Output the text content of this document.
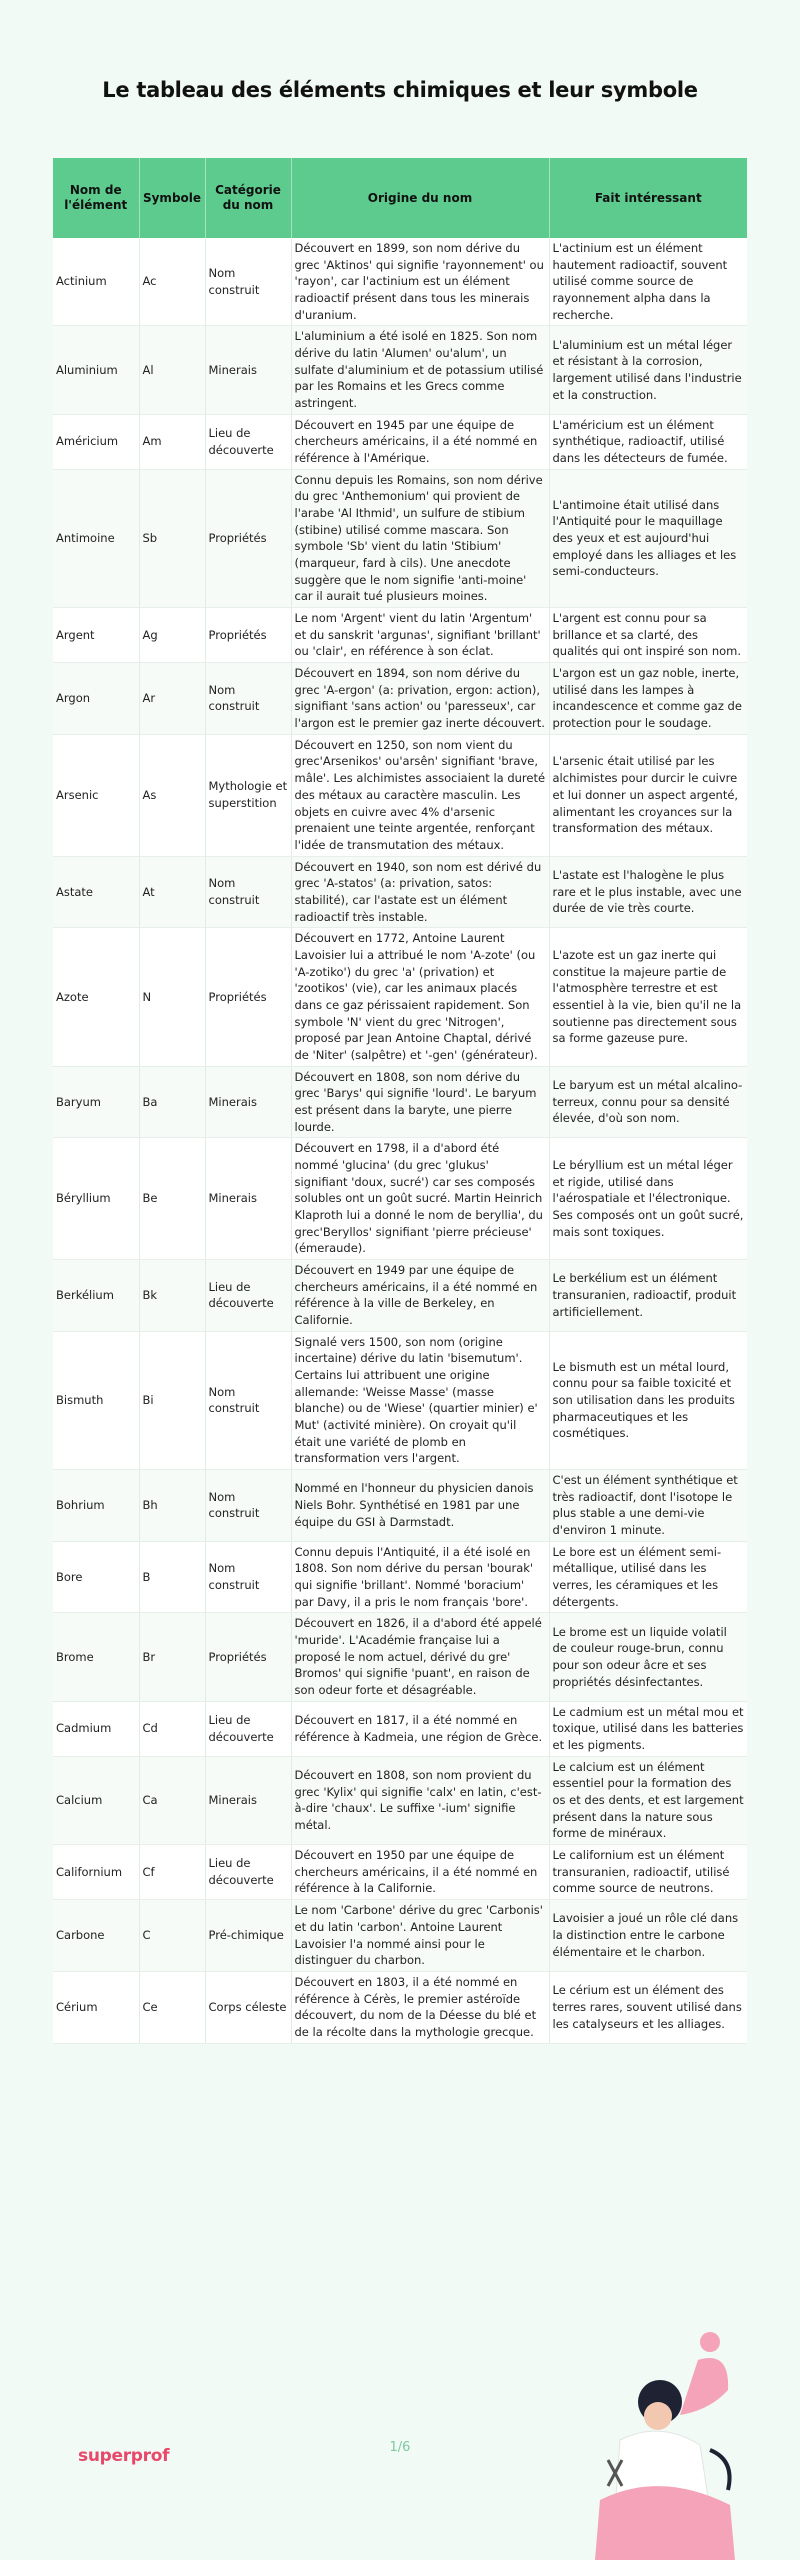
Le tableau des éléments chimiques et leur symbole
Nom de l'élément	Symbole	Catégorie du nom	Origine du nom	Fait intéressant
Actinium	Ac	Nom construit	Découvert en 1899, son nom dérive du grec 'Aktinos' qui signifie 'rayonnement' ou 'rayon', car l'actinium est un élément radioactif présent dans tous les minerais d'uranium.	L'actinium est un élément hautement radioactif, souvent utilisé comme source de rayonnement alpha dans la recherche.
Aluminium	Al	Minerais	L'aluminium a été isolé en 1825. Son nom dérive du latin 'Alumen' ou'alum', un sulfate d'aluminium et de potassium utilisé par les Romains et les Grecs comme astringent.	L'aluminium est un métal léger et résistant à la corrosion, largement utilisé dans l'industrie et la construction.
Américium	Am	Lieu de découverte	Découvert en 1945 par une équipe de chercheurs américains, il a été nommé en référence à l'Amérique.	L'américium est un élément synthétique, radioactif, utilisé dans les détecteurs de fumée.
Antimoine	Sb	Propriétés	Connu depuis les Romains, son nom dérive du grec 'Anthemonium' qui provient de l'arabe 'Al Ithmid', un sulfure de stibium (stibine) utilisé comme mascara. Son symbole 'Sb' vient du latin 'Stibium' (marqueur, fard à cils). Une anecdote suggère que le nom signifie 'anti-moine' car il aurait tué plusieurs moines.	L'antimoine était utilisé dans l'Antiquité pour le maquillage des yeux et est aujourd'hui employé dans les alliages et les semi-conducteurs.
Argent	Ag	Propriétés	Le nom 'Argent' vient du latin 'Argentum' et du sanskrit 'argunas', signifiant 'brillant' ou 'clair', en référence à son éclat.	L'argent est connu pour sa brillance et sa clarté, des qualités qui ont inspiré son nom.
Argon	Ar	Nom construit	Découvert en 1894, son nom dérive du grec 'A-ergon' (a: privation, ergon: action), signifiant 'sans action' ou 'paresseux', car l'argon est le premier gaz inerte découvert.	L'argon est un gaz noble, inerte, utilisé dans les lampes à incandescence et comme gaz de protection pour le soudage.
Arsenic	As	Mythologie et superstition	Découvert en 1250, son nom vient du grec'Arsenikos' ou'arsên' signifiant 'brave, mâle'. Les alchimistes associaient la dureté des métaux au caractère masculin. Les objets en cuivre avec 4% d'arsenic prenaient une teinte argentée, renforçant l'idée de transmutation des métaux.	L'arsenic était utilisé par les alchimistes pour durcir le cuivre et lui donner un aspect argenté, alimentant les croyances sur la transformation des métaux.
Astate	At	Nom construit	Découvert en 1940, son nom est dérivé du grec 'A-statos' (a: privation, satos: stabilité), car l'astate est un élément radioactif très instable.	L'astate est l'halogène le plus rare et le plus instable, avec une durée de vie très courte.
Azote	N	Propriétés	Découvert en 1772, Antoine Laurent Lavoisier lui a attribué le nom 'A-zote' (ou 'A-zotiko') du grec 'a' (privation) et 'zootikos' (vie), car les animaux placés dans ce gaz périssaient rapidement. Son symbole 'N' vient du grec 'Nitrogen', proposé par Jean Antoine Chaptal, dérivé de 'Niter' (salpêtre) et '-gen' (générateur).	L'azote est un gaz inerte qui constitue la majeure partie de l'atmosphère terrestre et est essentiel à la vie, bien qu'il ne la soutienne pas directement sous sa forme gazeuse pure.
Baryum	Ba	Minerais	Découvert en 1808, son nom dérive du grec 'Barys' qui signifie 'lourd'. Le baryum est présent dans la baryte, une pierre lourde.	Le baryum est un métal alcalino-terreux, connu pour sa densité élevée, d'où son nom.
Béryllium	Be	Minerais	Découvert en 1798, il a d'abord été nommé 'glucina' (du grec 'glukus' signifiant 'doux, sucré') car ses composés solubles ont un goût sucré. Martin Heinrich Klaproth lui a donné le nom de beryllia', du grec'Beryllos' signifiant 'pierre précieuse' (émeraude).	Le béryllium est un métal léger et rigide, utilisé dans l'aérospatiale et l'électronique. Ses composés ont un goût sucré, mais sont toxiques.
Berkélium	Bk	Lieu de découverte	Découvert en 1949 par une équipe de chercheurs américains, il a été nommé en référence à la ville de Berkeley, en Californie.	Le berkélium est un élément transuranien, radioactif, produit artificiellement.
Bismuth	Bi	Nom construit	Signalé vers 1500, son nom (origine incertaine) dérive du latin 'bisemutum'. Certains lui attribuent une origine allemande: 'Weisse Masse' (masse blanche) ou de 'Wiese' (quartier minier) e' Mut' (activité minière). On croyait qu'il était une variété de plomb en transformation vers l'argent.	Le bismuth est un métal lourd, connu pour sa faible toxicité et son utilisation dans les produits pharmaceutiques et les cosmétiques.
Bohrium	Bh	Nom construit	Nommé en l'honneur du physicien danois Niels Bohr. Synthétisé en 1981 par une équipe du GSI à Darmstadt.	C'est un élément synthétique et très radioactif, dont l'isotope le plus stable a une demi-vie d'environ 1 minute.
Bore	B	Nom construit	Connu depuis l'Antiquité, il a été isolé en 1808. Son nom dérive du persan 'bourak' qui signifie 'brillant'. Nommé 'boracium' par Davy, il a pris le nom français 'bore'.	Le bore est un élément semi-métallique, utilisé dans les verres, les céramiques et les détergents.
Brome	Br	Propriétés	Découvert en 1826, il a d'abord été appelé 'muride'. L'Académie française lui a proposé le nom actuel, dérivé du gre' Bromos' qui signifie 'puant', en raison de son odeur forte et désagréable.	Le brome est un liquide volatil de couleur rouge-brun, connu pour son odeur âcre et ses propriétés désinfectantes.
Cadmium	Cd	Lieu de découverte	Découvert en 1817, il a été nommé en référence à Kadmeia, une région de Grèce.	Le cadmium est un métal mou et toxique, utilisé dans les batteries et les pigments.
Calcium	Ca	Minerais	Découvert en 1808, son nom provient du grec 'Kylix' qui signifie 'calx' en latin, c'est-à-dire 'chaux'. Le suffixe '-ium' signifie métal.	Le calcium est un élément essentiel pour la formation des os et des dents, et est largement présent dans la nature sous forme de minéraux.
Californium	Cf	Lieu de découverte	Découvert en 1950 par une équipe de chercheurs américains, il a été nommé en référence à la Californie.	Le californium est un élément transuranien, radioactif, utilisé comme source de neutrons.
Carbone	C	Pré-chimique	Le nom 'Carbone' dérive du grec 'Carbonis' et du latin 'carbon'. Antoine Laurent Lavoisier l'a nommé ainsi pour le distinguer du charbon.	Lavoisier a joué un rôle clé dans la distinction entre le carbone élémentaire et le charbon.
Cérium	Ce	Corps céleste	Découvert en 1803, il a été nommé en référence à Cérès, le premier astéroïde découvert, du nom de la Déesse du blé et de la récolte dans la mythologie grecque.	Le cérium est un élément des terres rares, souvent utilisé dans les catalyseurs et les alliages.
superprof	1/6
